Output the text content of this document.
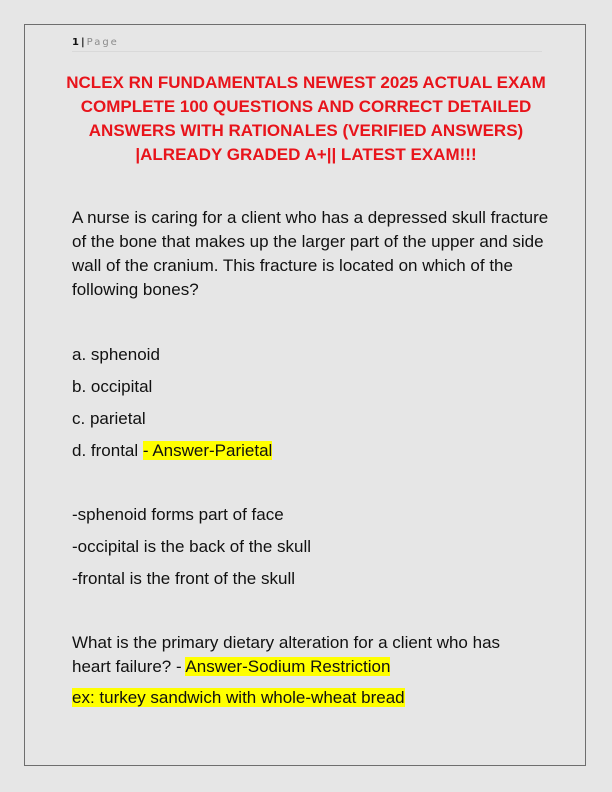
1 | Page
NCLEX RN FUNDAMENTALS NEWEST 2025 ACTUAL EXAM COMPLETE 100 QUESTIONS AND CORRECT DETAILED ANSWERS WITH RATIONALES (VERIFIED ANSWERS) |ALREADY GRADED A+|| LATEST EXAM!!!
A nurse is caring for a client who has a depressed skull fracture of the bone that makes up the larger part of the upper and side wall of the cranium. This fracture is located on which of the following bones?
a. sphenoid
b. occipital
c. parietal
d. frontal - Answer-Parietal
-sphenoid forms part of face
-occipital is the back of the skull
-frontal is the front of the skull
What is the primary dietary alteration for a client who has
heart failure? - Answer-Sodium Restriction
ex: turkey sandwich with whole-wheat bread
